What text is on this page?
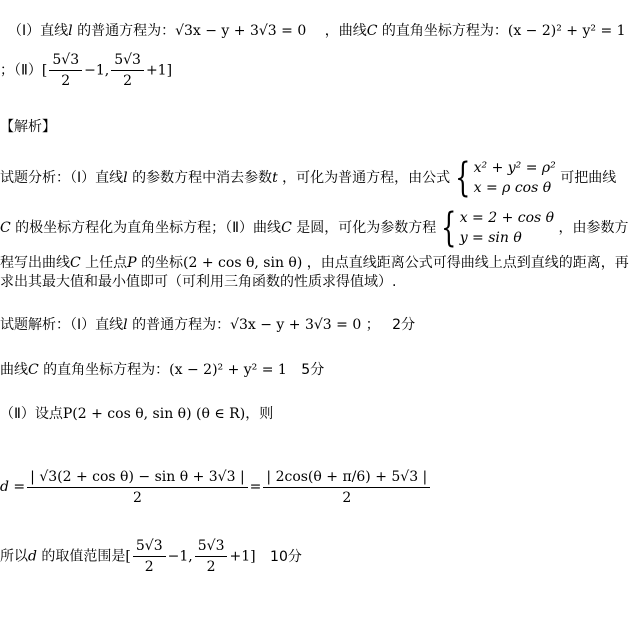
（Ⅰ）直线l 的普通方程为：√3x − y + 3√3 = 0 ，曲线C 的直角坐标方程为：(x − 2)² + y² = 1
；（Ⅱ）[ $\frac{5√3}{2} -1$, $\frac{5√3}{2} +1$]
【解析】
试题分析：（Ⅰ）直线l 的参数方程中消去参数t ，可化为普通方程，由公式 { x² + y² = ρ²
x = ρ cos θ
可把曲线
C 的极坐标方程化为直角坐标方程；（Ⅱ）曲线C 是圆，可化为参数方程 { x = 2 + cos θ
y = sin θ
，由参数方
程写出曲线C 上任点P 的坐标(2 + cos θ, sin θ) ，由点直线距离公式可得曲线上点到直线的距离，再
求出其最大值和最小值即可（可利用三角函数的性质求得值域）.
试题解析：（Ⅰ）直线l 的普通方程为：√3x − y + 3√3 = 0 ； 2分
曲线C 的直角坐标方程为：(x − 2)² + y² = 1 5分
（Ⅱ）设点P(2 + cos θ, sin θ) (θ ∈ R)，则
$d = \frac{\text{| √3(2 + cos θ) − sin θ + 3√3 |}}{2} = \frac{| 2\cos(\theta + \pi/6) + 5√3 |}{2}$
所以d 的取值范围是[ $\frac{5√3}{2} -1$, $\frac{5√3}{2} +1$] 10分
